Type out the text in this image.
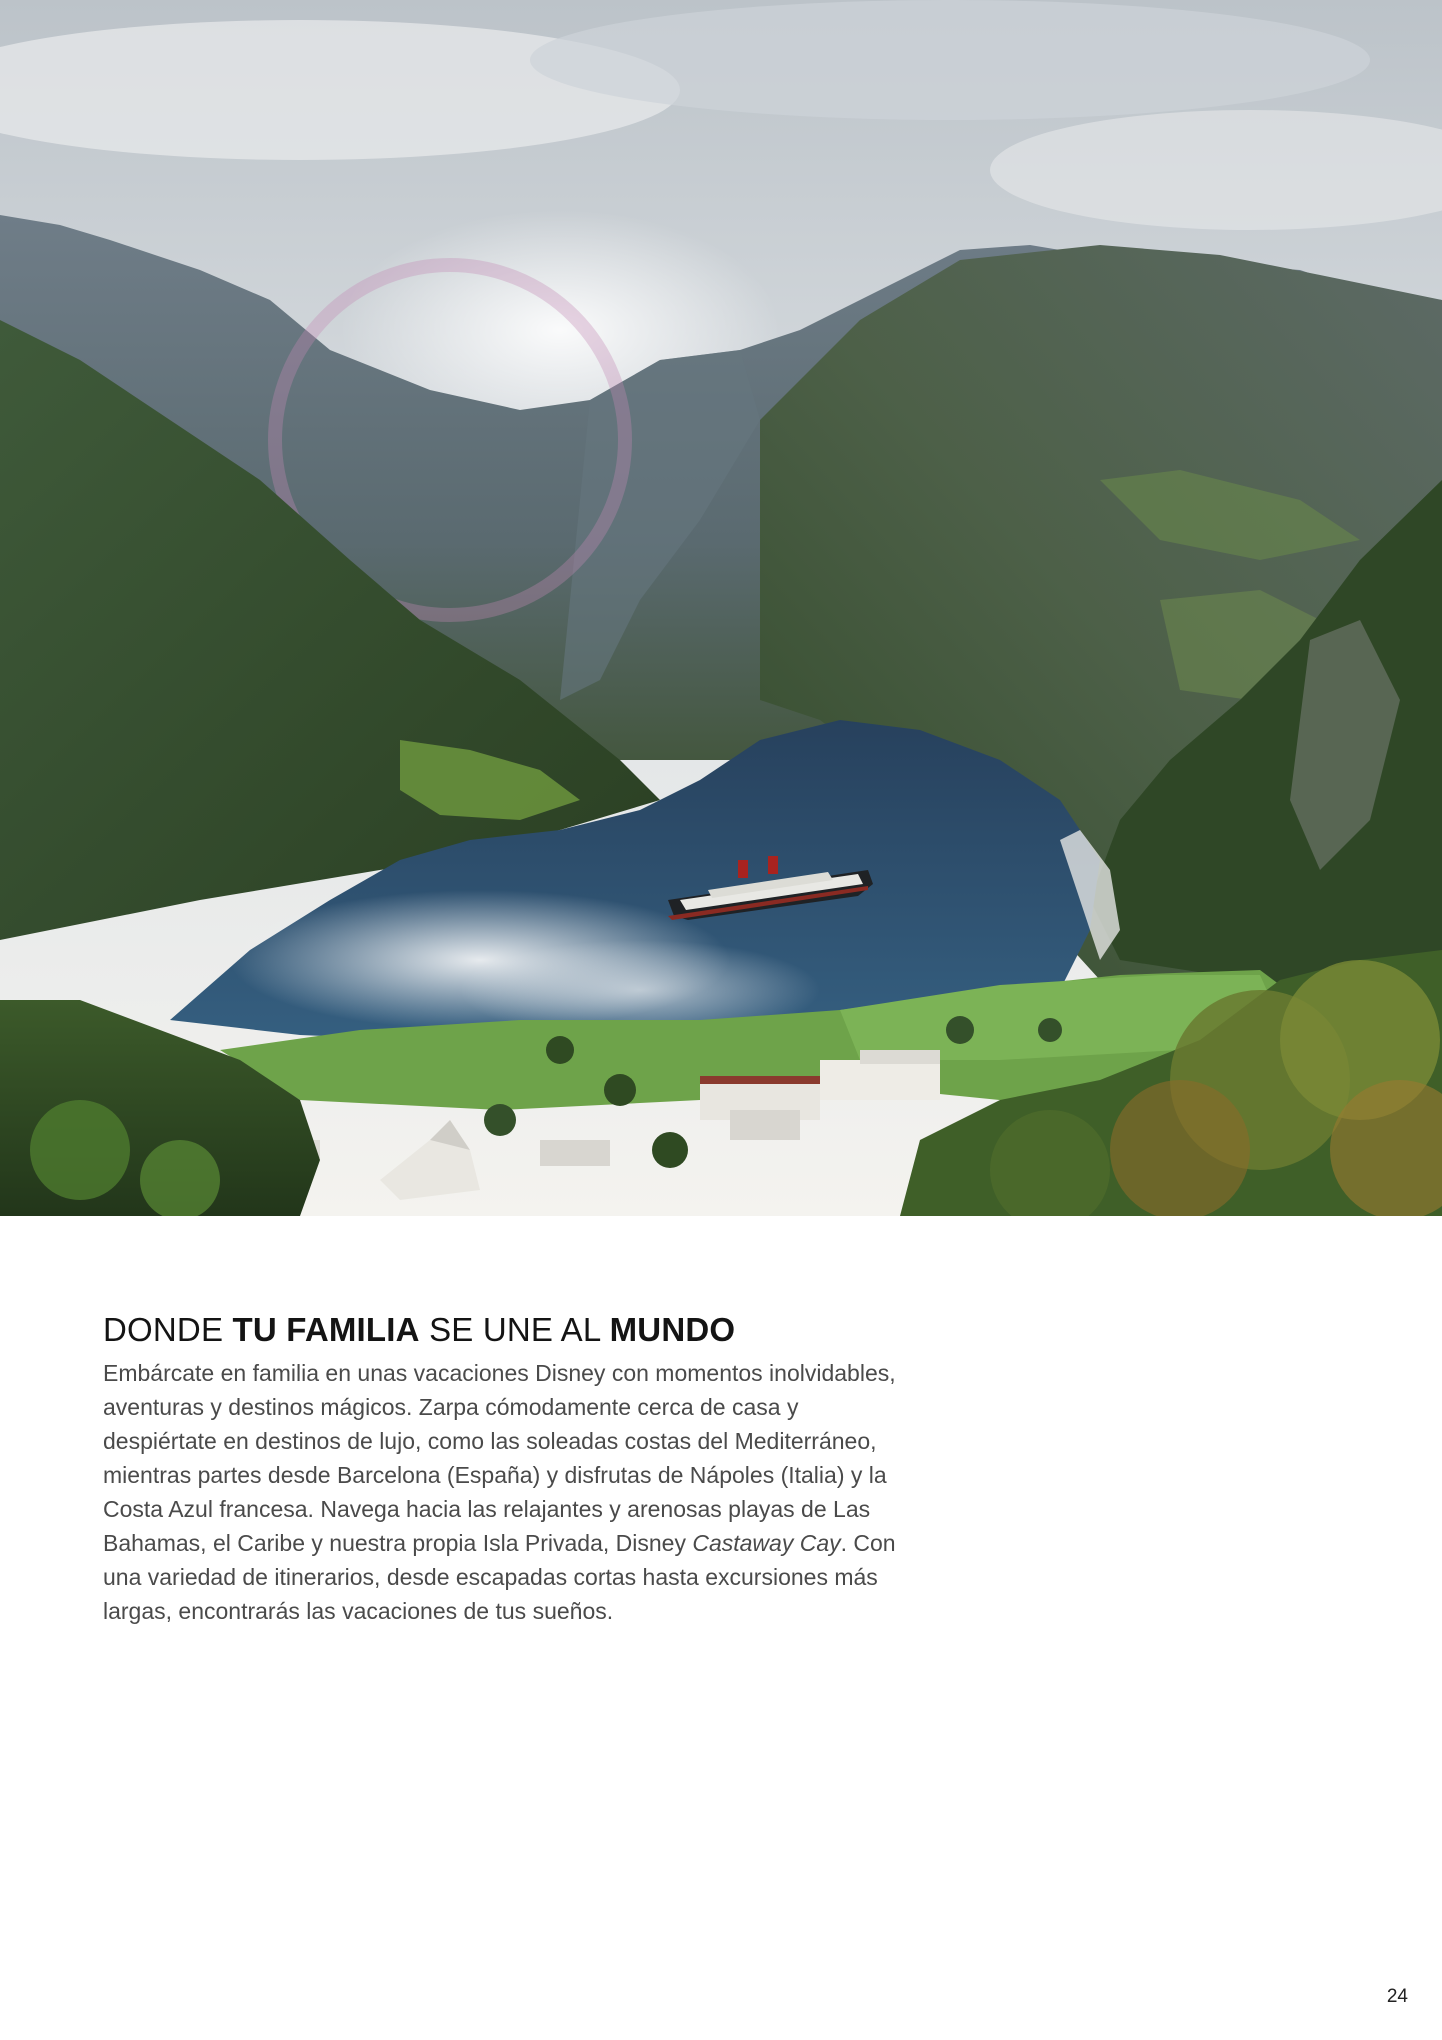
DONDE TU FAMILIA SE UNE AL MUNDO

Embárcate en familia en unas vacaciones Disney con momentos inolvidables,
aventuras y destinos mágicos. Zarpa cómodamente cerca de casa y
despiértate en destinos de lujo, como las soleadas costas del Mediterráneo,
mientras partes desde Barcelona (España) y disfrutas de Nápoles (Italia) y la
Costa Azul francesa. Navega hacia las relajantes y arenosas playas de Las
Bahamas, el Caribe y nuestra propia Isla Privada, Disney Castaway Cay. Con
una variedad de itinerarios, desde escapadas cortas hasta excursiones más
largas, encontrarás las vacaciones de tus sueños.

24
